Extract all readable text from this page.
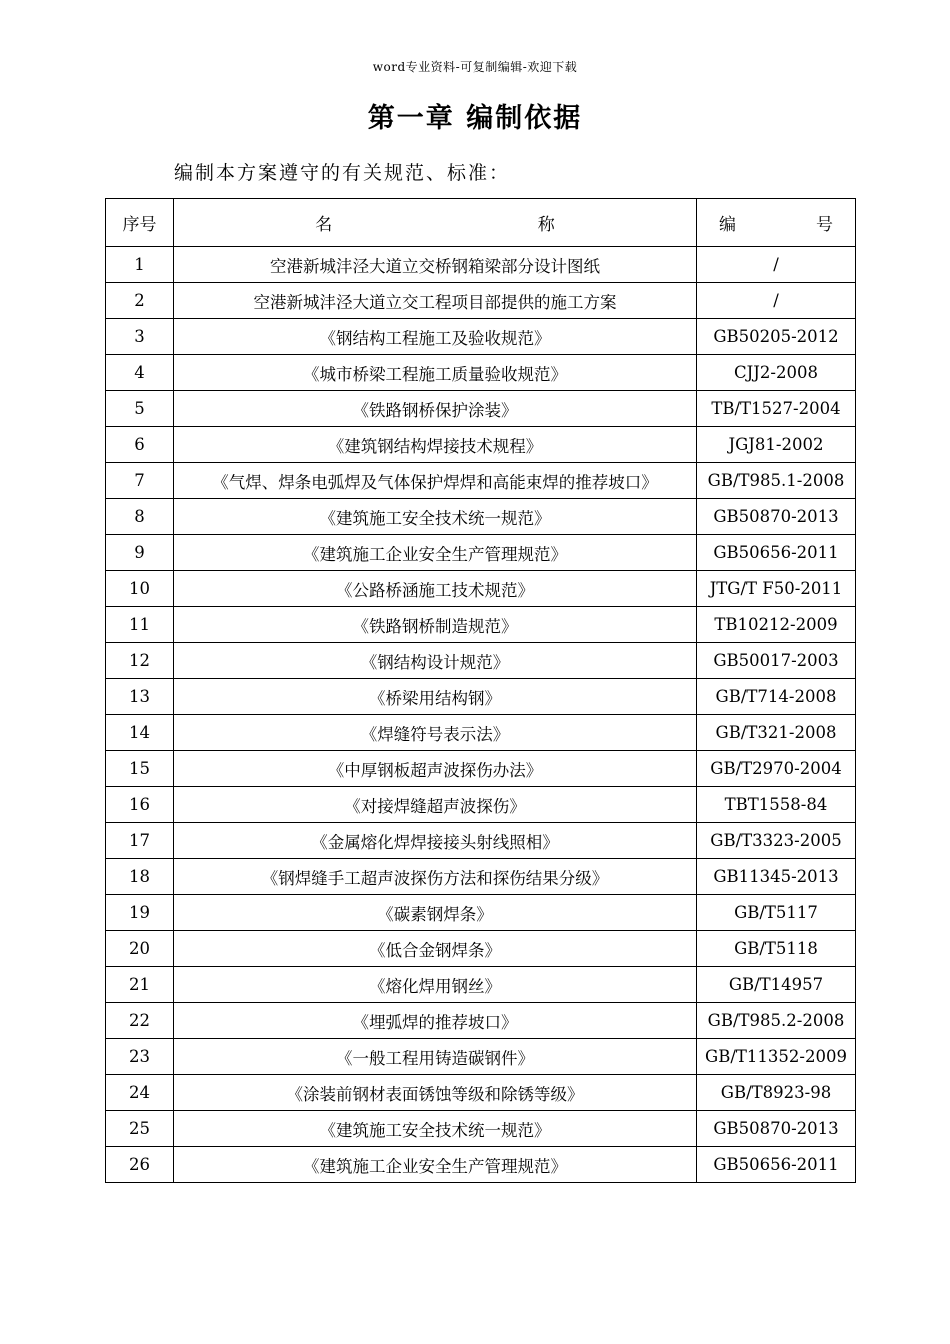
word专业资料-可复制编辑-欢迎下载
第一章 编制依据
编制本方案遵守的有关规范、标准：
序号	名 称	编 号

1	空港新城沣泾大道立交桥钢箱梁部分设计图纸	/
2	空港新城沣泾大道立交工程项目部提供的施工方案	/
3	《钢结构工程施工及验收规范》	GB50205-2012
4	《城市桥梁工程施工质量验收规范》	CJJ2-2008
5	《铁路钢桥保护涂装》	TB/T1527-2004
6	《建筑钢结构焊接技术规程》	JGJ81-2002
7	《气焊、焊条电弧焊及气体保护焊焊和高能束焊的推荐坡口》	GB/T985.1-2008
8	《建筑施工安全技术统一规范》	GB50870-2013
9	《建筑施工企业安全生产管理规范》	GB50656-2011
10	《公路桥涵施工技术规范》	JTG/T F50-2011
11	《铁路钢桥制造规范》	TB10212-2009
12	《钢结构设计规范》	GB50017-2003
13	《桥梁用结构钢》	GB/T714-2008
14	《焊缝符号表示法》	GB/T321-2008
15	《中厚钢板超声波探伤办法》	GB/T2970-2004
16	《对接焊缝超声波探伤》	TBT1558-84
17	《金属熔化焊焊接接头射线照相》	GB/T3323-2005
18	《钢焊缝手工超声波探伤方法和探伤结果分级》	GB11345-2013
19	《碳素钢焊条》	GB/T5117
20	《低合金钢焊条》	GB/T5118
21	《熔化焊用钢丝》	GB/T14957
22	《埋弧焊的推荐坡口》	GB/T985.2-2008
23	《一般工程用铸造碳钢件》	GB/T11352-2009
24	《涂装前钢材表面锈蚀等级和除锈等级》	GB/T8923-98
25	《建筑施工安全技术统一规范》	GB50870-2013
26	《建筑施工企业安全生产管理规范》	GB50656-2011
